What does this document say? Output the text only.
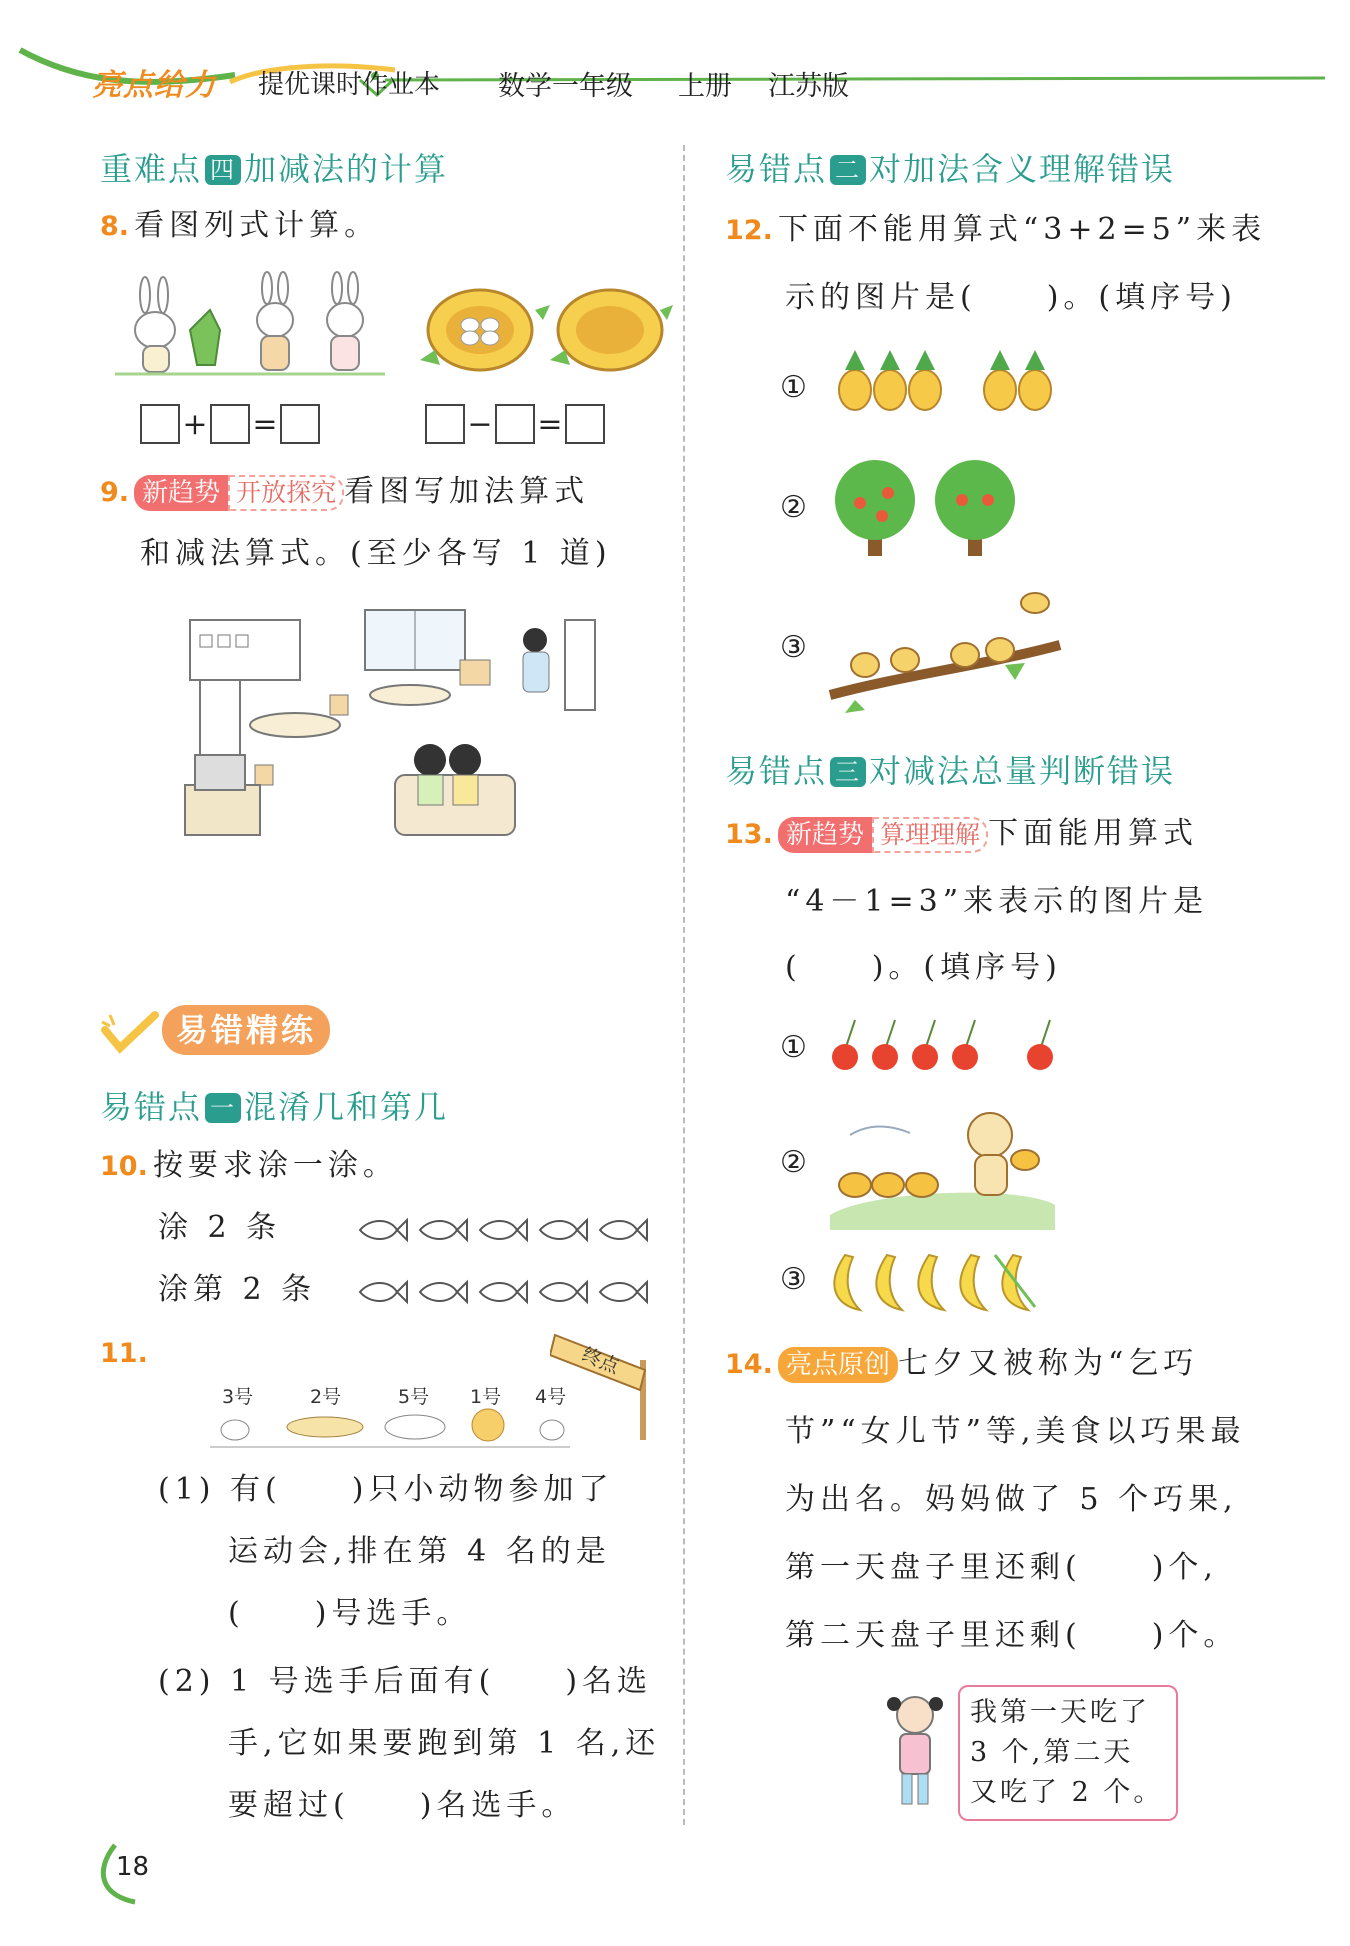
亮点给力 提优课时作业本 数学一年级 上册 江苏版
重难点 四 加减法的计算
8. 看图列式计算。
+ =	− =
9. 新趋势 开放探究 看图写加法算式
和减法算式。(至少各写 1 道)
易错精练
易错点 一 混淆几和第几
10. 按要求涂一涂。
涂 2 条
涂第 2 条
11.	终点
3号	2号	5号 1号 4号
(1) 有(　　)只小动物参加了
运动会,排在第 4 名的是
(　　)号选手。
(2) 1 号选手后面有(　　)名选
手,它如果要跑到第 1 名,还
要超过(　　)名选手。
易错点 二 对加法含义理解错误
12. 下面不能用算式“3+2=5”来表
示的图片是(　　)。(填序号)
①
②
③
易错点 三 对减法总量判断错误
13. 新趋势 算理理解 下面能用算式
“4－1=3”来表示的图片是
(　　)。(填序号)
①
②
③
14. 亮点原创 七夕又被称为“乞巧
节”“女儿节”等,美食以巧果最
为出名。妈妈做了 5 个巧果,
第一天盘子里还剩(　　)个,
第二天盘子里还剩(　　)个。
我第一天吃了
3 个,第二天
又吃了 2 个。
18
